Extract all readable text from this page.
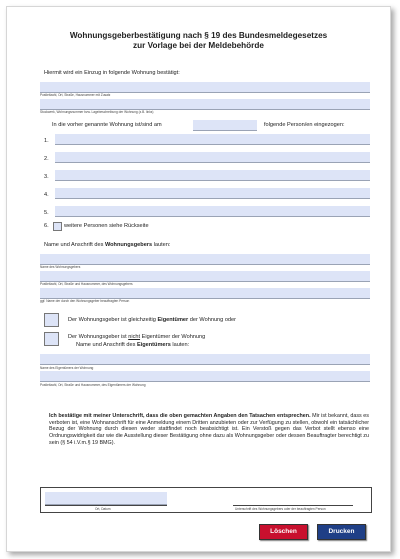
Wohnungsgeberbestätigung nach § 19 des Bundesmeldegesetzes
zur Vorlage bei der Meldebehörde
Hiermit wird ein Einzug in folgende Wohnung bestätigt:
Postleitzahl, Ort, Straße, Hausnummer mit Zusatz
Stockwerk, Wohnungsnummer bzw. Lagebeschreibung der Wohnung (z.B. links)
In die vorher genannte Wohnung ist/sind am	folgende Person/en eingezogen:
1.
2.
3.
4.
5.
6.	weitere Personen siehe Rückseite
Name und Anschrift des Wohnungsgebers lauten:
Name des Wohnungsgebers
Postleitzahl, Ort, Straße und Hausnummer, des Wohnungsgebers
ggf. Name der durch den Wohnungsgeber beauftragten Person
Der Wohnungsgeber ist gleichzeitig Eigentümer der Wohnung oder
Der Wohnungsgeber ist nicht Eigentümer der Wohnung
Name und Anschrift des Eigentümers lauten:
Name des Eigentümers der Wohnung
Postleitzahl, Ort, Straße und Hausnummer, des Eigentümers der Wohnung
Ich bestätige mit meiner Unterschrift, dass die oben gemachten Angaben den Tatsachen entsprechen. Mir ist bekannt, dass es verboten ist, eine Wohnanschrift für eine Anmeldung einem Dritten anzubieten oder zur Verfügung zu stellen, obwohl ein tatsächlicher Bezug der Wohnung durch diesen weder stattfindet noch beabsichtigt ist. Ein Verstoß gegen das Verbot stellt ebenso eine Ordnungswidrigkeit dar wie die Ausstellung dieser Bestätigung ohne dazu als Wohnungsgeber oder dessen Beauftragter berechtigt zu sein (§ 54 i.V.m.§ 19 BMG).
Ort, Datum	Unterschrift des Wohnungsgebers oder der beauftragten Person
Löschen	Drucken
